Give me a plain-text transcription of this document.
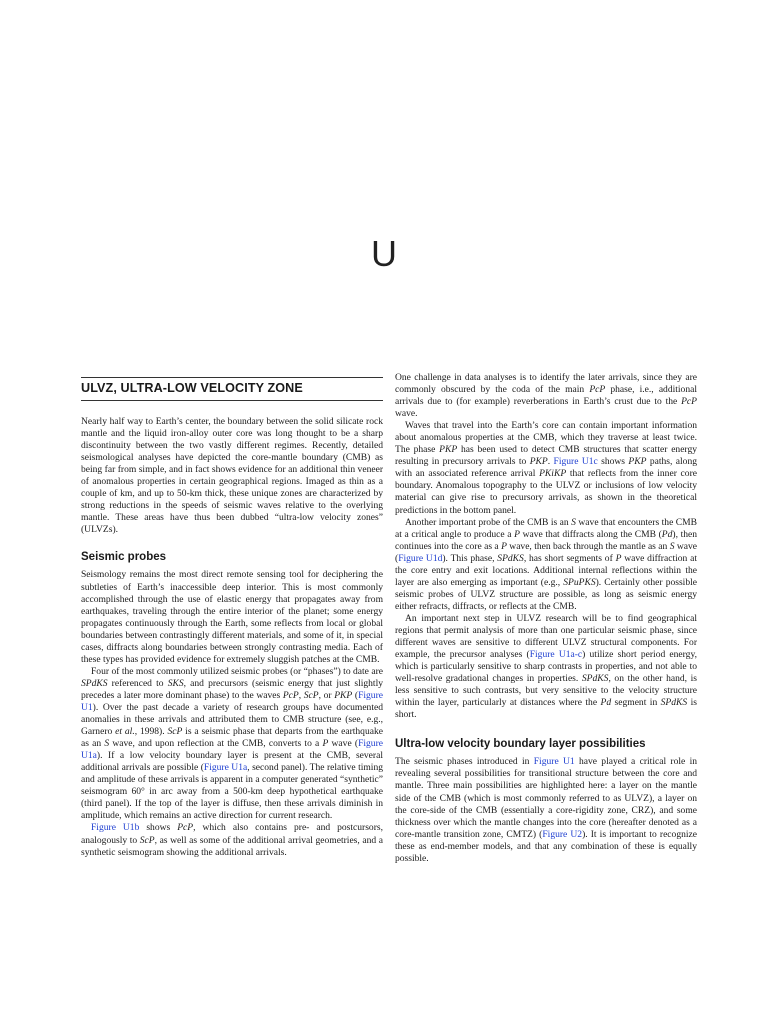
U
ULVZ, ULTRA-LOW VELOCITY ZONE

Nearly half way to Earth’s center, the boundary between the solid silicate rock mantle and the liquid iron-alloy outer core was long thought to be a sharp discontinuity between the two vastly different regimes. Recently, detailed seismological analyses have depicted the core-mantle boundary (CMB) as being far from simple, and in fact shows evidence for an additional thin veneer of anomalous properties in certain geographical regions. Imaged as thin as a couple of km, and up to 50-km thick, these unique zones are characterized by strong reductions in the speeds of seismic waves relative to the overlying mantle. These areas have thus been dubbed “ultra-low velocity zones” (ULVZs).

Seismic probes

Seismology remains the most direct remote sensing tool for deciphering the subtleties of Earth’s inaccessible deep interior. This is most commonly accomplished through the use of elastic energy that propagates away from earthquakes, traveling through the entire interior of the planet; some energy propagates continuously through the Earth, some reflects from local or global boundaries between contrastingly different materials, and some of it, in special cases, diffracts along boundaries between strongly contrasting media. Each of these types has provided evidence for extremely sluggish patches at the CMB.

Four of the most commonly utilized seismic probes (or “phases”) to date are SPdKS referenced to SKS, and precursors (seismic energy that just slightly precedes a later more dominant phase) to the waves PcP, ScP, or PKP (Figure U1). Over the past decade a variety of research groups have documented anomalies in these arrivals and attributed them to CMB structure (see, e.g., Garnero et al., 1998). ScP is a seismic phase that departs from the earthquake as an S wave, and upon reflection at the CMB, converts to a P wave (Figure U1a). If a low velocity boundary layer is present at the CMB, several additional arrivals are possible (Figure U1a, second panel). The relative timing and amplitude of these arrivals is apparent in a computer generated “synthetic” seismogram 60° in arc away from a 500-km deep hypothetical earthquake (third panel). If the top of the layer is diffuse, then these arrivals diminish in amplitude, which remains an active direction for current research.

Figure U1b shows PcP, which also contains pre- and postcursors, analogously to ScP, as well as some of the additional arrival geometries, and a synthetic seismogram showing the additional arrivals.

One challenge in data analyses is to identify the later arrivals, since they are commonly obscured by the coda of the main PcP phase, i.e., additional arrivals due to (for example) reverberations in Earth’s crust due to the PcP wave.

Waves that travel into the Earth’s core can contain important information about anomalous properties at the CMB, which they traverse at least twice. The phase PKP has been used to detect CMB structures that scatter energy resulting in precursory arrivals to PKP. Figure U1c shows PKP paths, along with an associated reference arrival PKiKP that reflects from the inner core boundary. Anomalous topography to the ULVZ or inclusions of low velocity material can give rise to precursory arrivals, as shown in the theoretical predictions in the bottom panel.

Another important probe of the CMB is an S wave that encounters the CMB at a critical angle to produce a P wave that diffracts along the CMB (Pd), then continues into the core as a P wave, then back through the mantle as an S wave (Figure U1d). This phase, SPdKS, has short segments of P wave diffraction at the core entry and exit locations. Additional internal reflections within the layer are also emerging as important (e.g., SPuPKS). Certainly other possible seismic probes of ULVZ structure are possible, as long as seismic energy either refracts, diffracts, or reflects at the CMB.

An important next step in ULVZ research will be to find geographical regions that permit analysis of more than one particular seismic phase, since different waves are sensitive to different ULVZ structural components. For example, the precursor analyses (Figure U1a-c) utilize short period energy, which is particularly sensitive to sharp contrasts in properties, and not able to well-resolve gradational changes in properties. SPdKS, on the other hand, is less sensitive to such contrasts, but very sensitive to the velocity structure within the layer, particularly at distances where the Pd segment in SPdKS is short.

Ultra-low velocity boundary layer possibilities

The seismic phases introduced in Figure U1 have played a critical role in revealing several possibilities for transitional structure between the core and mantle. Three main possibilities are highlighted here: a layer on the mantle side of the CMB (which is most commonly referred to as ULVZ), a layer on the core-side of the CMB (essentially a core-rigidity zone, CRZ), and some thickness over which the mantle changes into the core (hereafter denoted as a core-mantle transition zone, CMTZ) (Figure U2). It is important to recognize these as end-member models, and that any combination of these is equally possible.
